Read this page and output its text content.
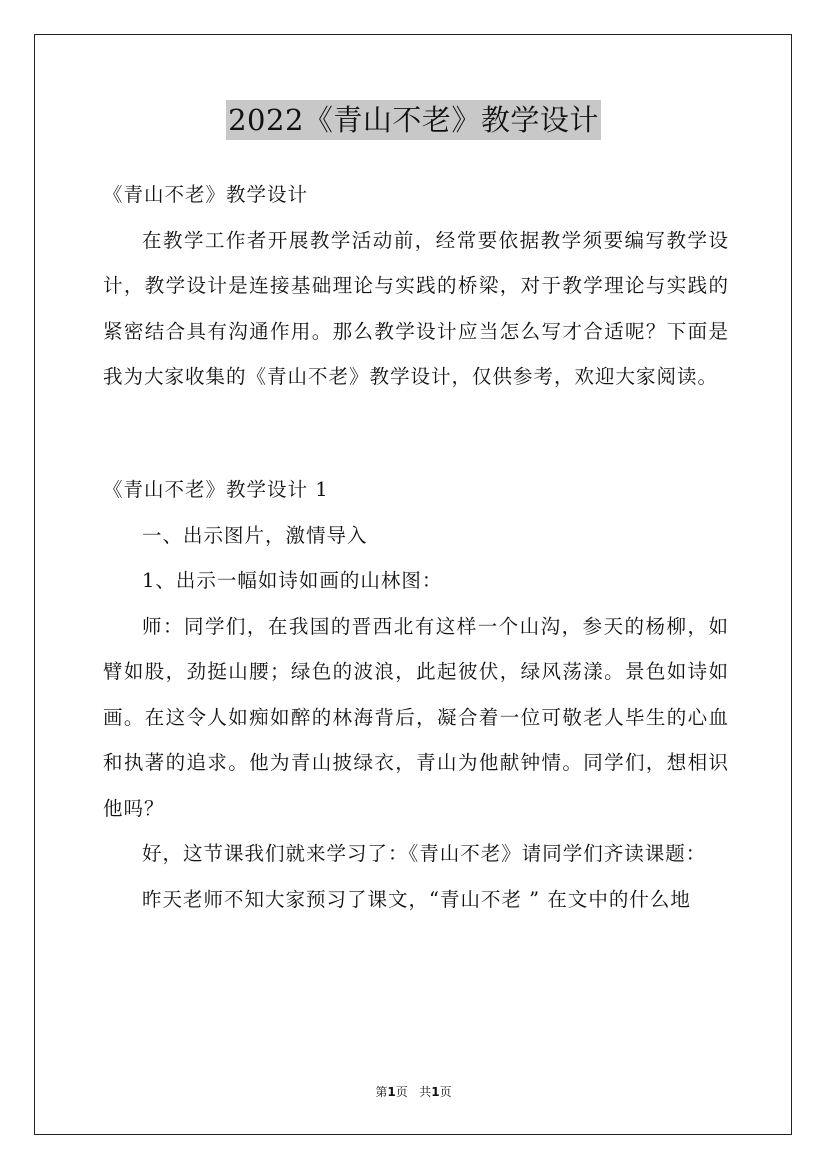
2022《青山不老》教学设计

《青山不老》教学设计

在教学工作者开展教学活动前，经常要依据教学须要编写教学设计，教学设计是连接基础理论与实践的桥梁，对于教学理论与实践的紧密结合具有沟通作用。那么教学设计应当怎么写才合适呢？下面是我为大家收集的《青山不老》教学设计，仅供参考，欢迎大家阅读。

《青山不老》教学设计 1

一、出示图片，激情导入

1、出示一幅如诗如画的山林图：

师：同学们，在我国的晋西北有这样一个山沟，参天的杨柳，如臂如股，劲挺山腰；绿色的波浪，此起彼伏，绿风荡漾。景色如诗如画。在这令人如痴如醉的林海背后，凝合着一位可敬老人毕生的心血和执著的追求。他为青山披绿衣，青山为他献钟情。同学们，想相识他吗？

好，这节课我们就来学习了：《青山不老》请同学们齐读课题：

昨天老师不知大家预习了课文，“青山不老 ” 在文中的什么地

第1页 共1页
